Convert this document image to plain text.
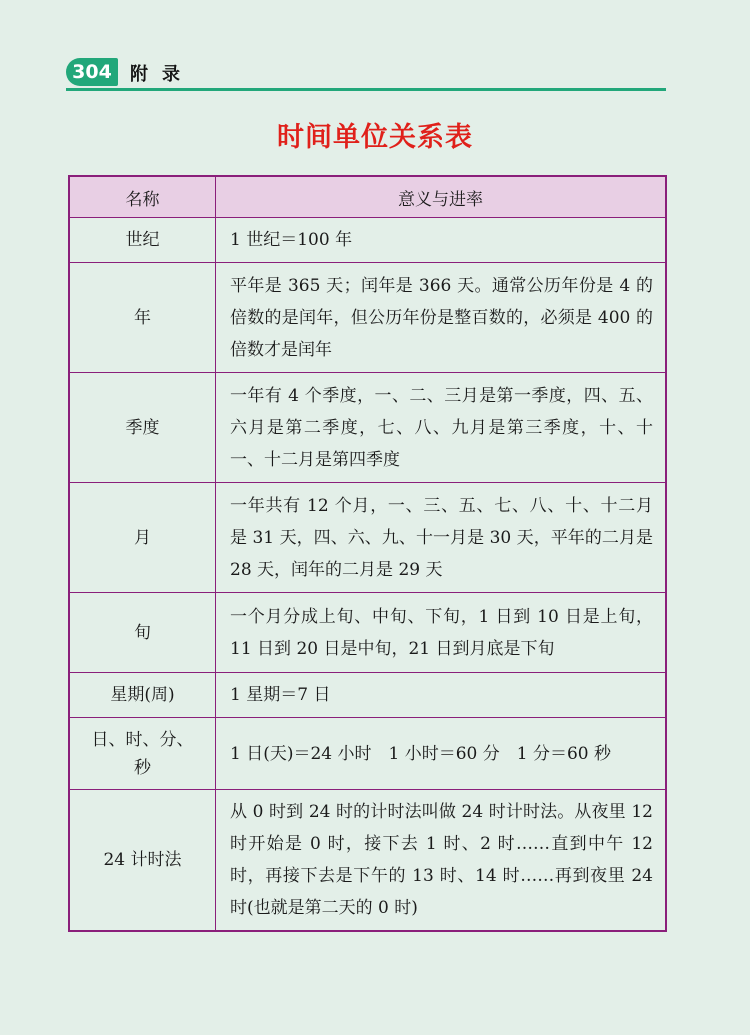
304	附录
时间单位关系表
名称	意义与进率
世纪	1 世纪＝100 年
年	平年是 365 天；闰年是 366 天。通常公历年份是 4 的倍数的是闰年，但公历年份是整百数的，必须是 400 的倍数才是闰年
季度	一年有 4 个季度，一、二、三月是第一季度，四、五、六月是第二季度，七、八、九月是第三季度，十、十一、十二月是第四季度
月	一年共有 12 个月，一、三、五、七、八、十、十二月是 31 天，四、六、九、十一月是 30 天，平年的二月是 28 天，闰年的二月是 29 天
旬	一个月分成上旬、中旬、下旬，1 日到 10 日是上旬，11 日到 20 日是中旬，21 日到月底是下旬
星期(周)	1 星期＝7 日
日、时、分、秒	1 日(天)＝24 小时　1 小时＝60 分　1 分＝60 秒
24 计时法	从 0 时到 24 时的计时法叫做 24 时计时法。从夜里 12 时开始是 0 时，接下去 1 时、2 时……直到中午 12 时，再接下去是下午的 13 时、14 时……再到夜里 24 时(也就是第二天的 0 时)
